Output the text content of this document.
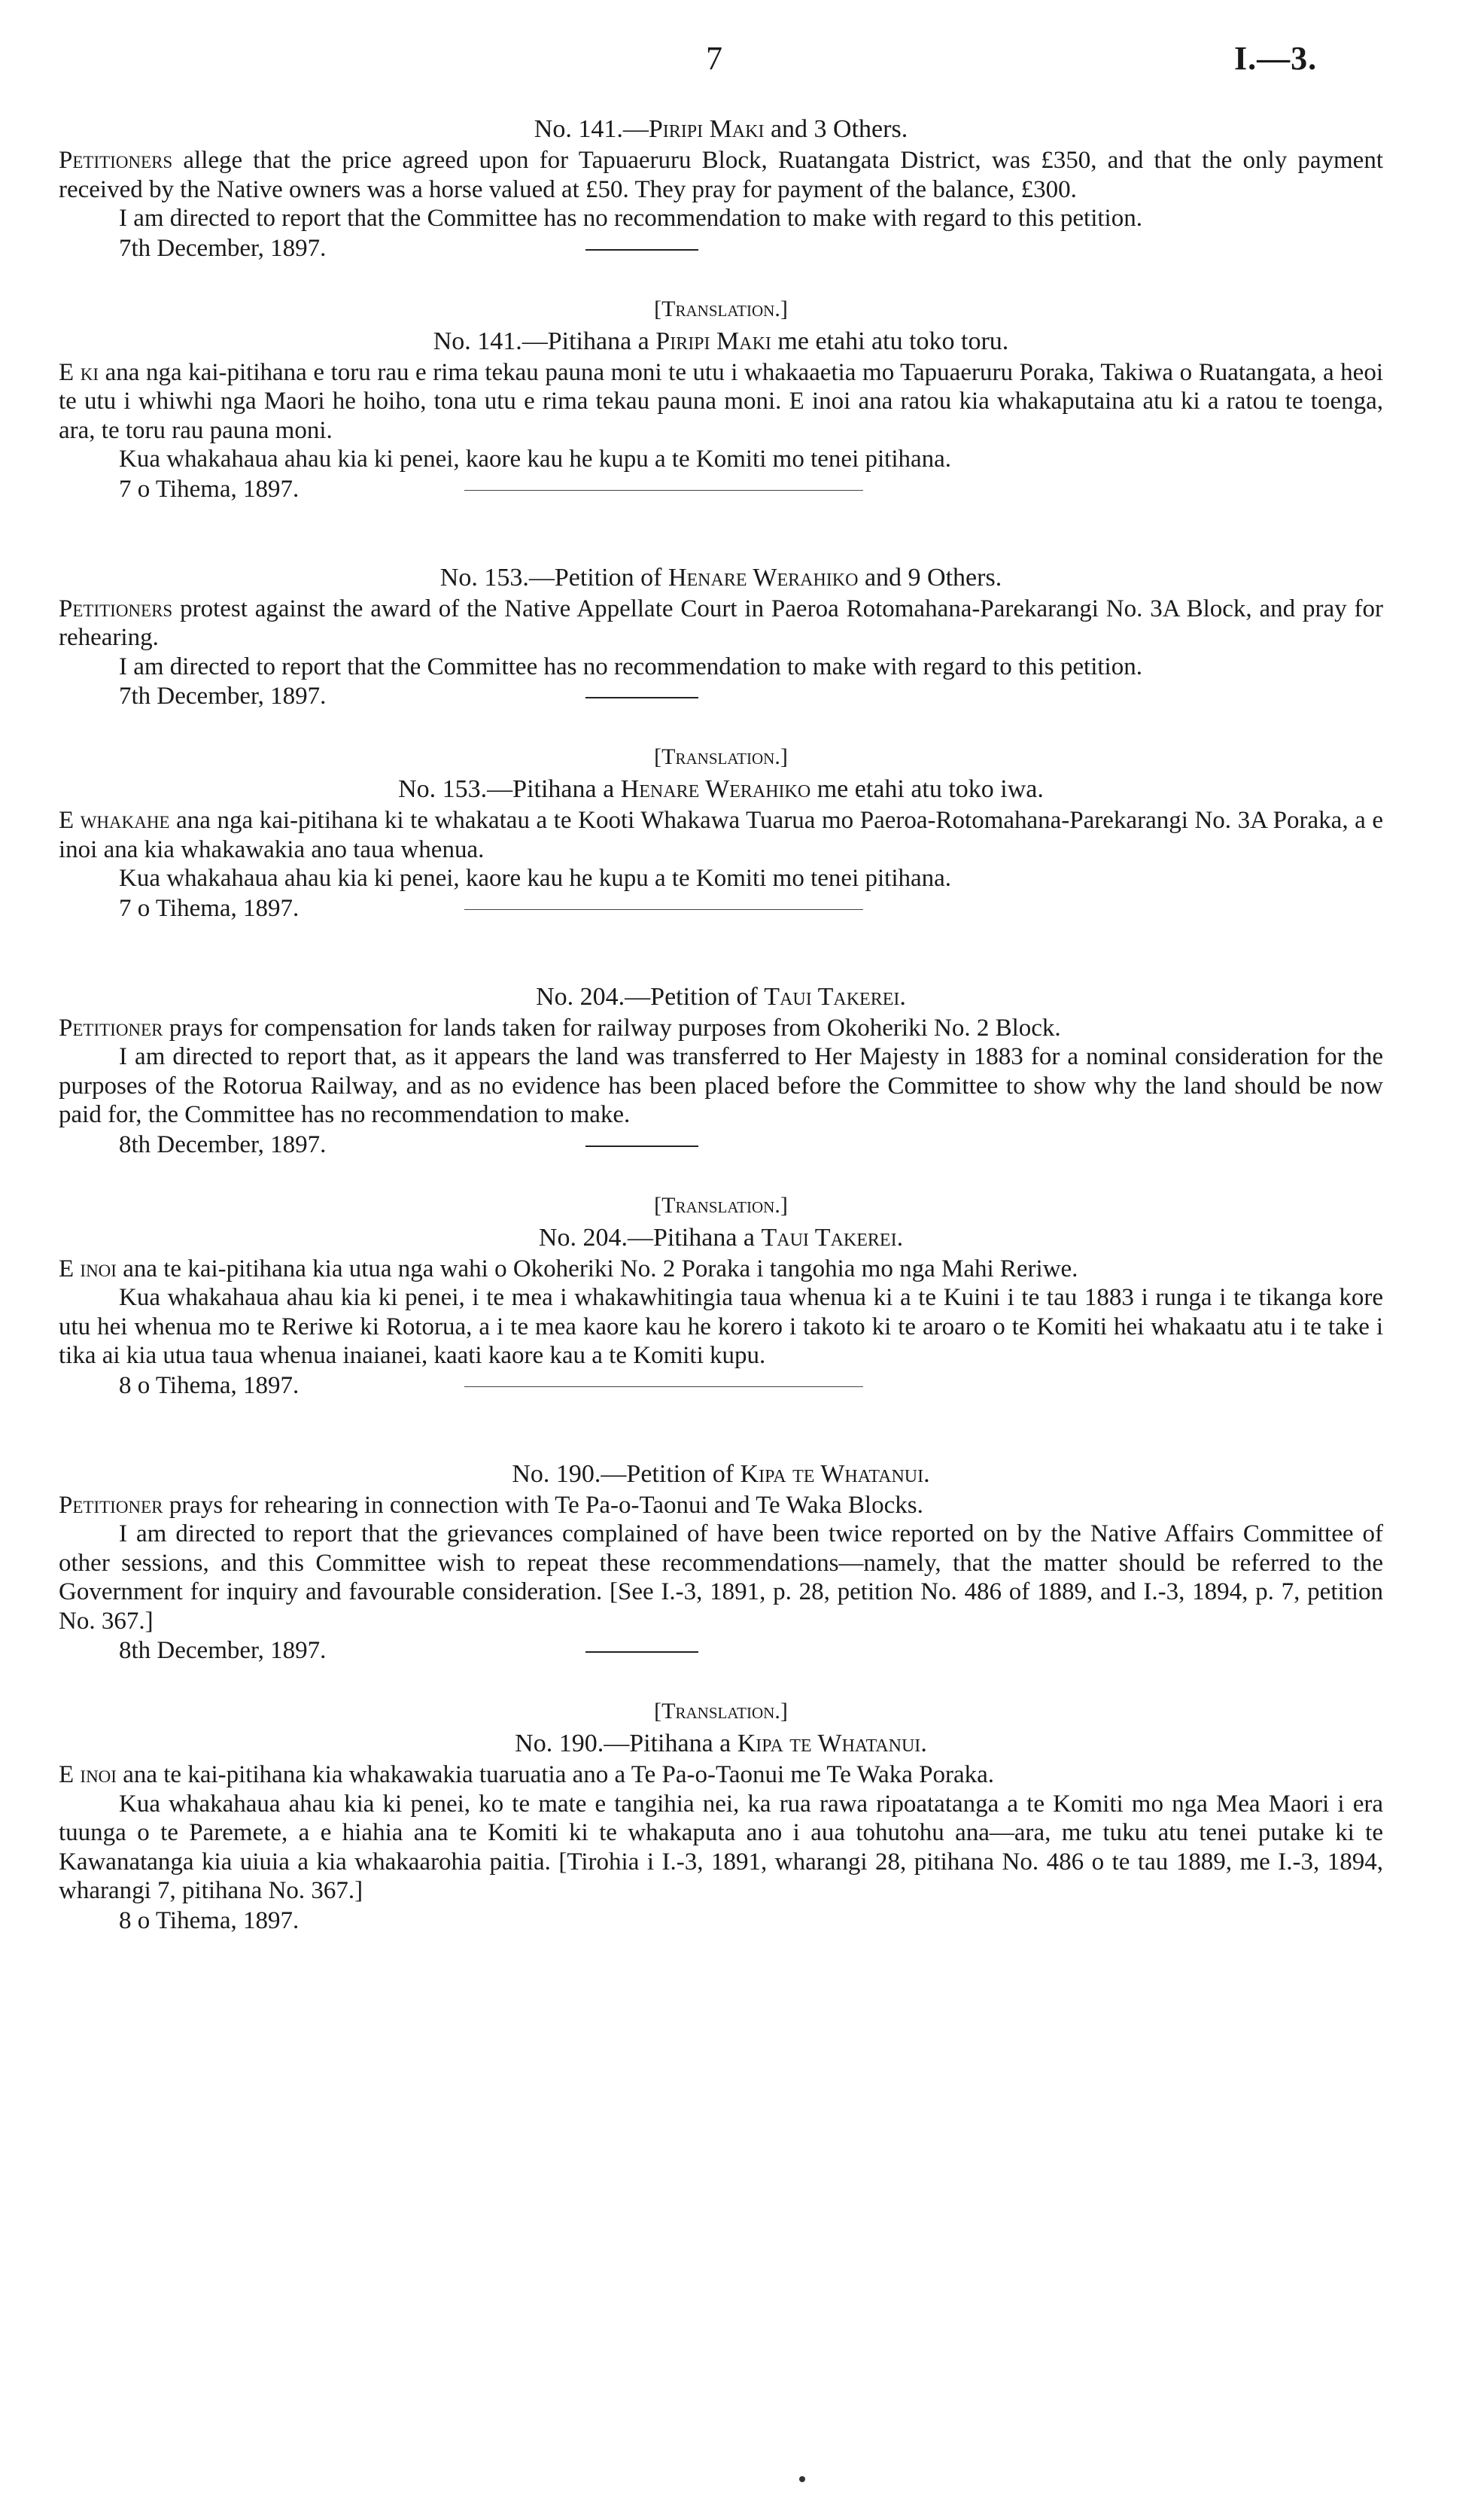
7	I.—3.
No. 141.—Piripi Maki and 3 Others.

Petitioners allege that the price agreed upon for Tapuaeruru Block, Ruatangata District, was £350, and that the only payment received by the Native owners was a horse valued at £50. They pray for payment of the balance, £300.

I am directed to report that the Committee has no recommendation to make with regard to this petition.

7th December, 1897.
[Translation.]
No. 141.—Pitihana a Piripi Maki me etahi atu toko toru.

E ki ana nga kai-pitihana e toru rau e rima tekau pauna moni te utu i whakaaetia mo Tapuaeruru Poraka, Takiwa o Ruatangata, a heoi te utu i whiwhi nga Maori he hoiho, tona utu e rima tekau pauna moni. E inoi ana ratou kia whakaputaina atu ki a ratou te toenga, ara, te toru rau pauna moni.

Kua whakahaua ahau kia ki penei, kaore kau he kupu a te Komiti mo tenei pitihana.

7 o Tihema, 1897.
No. 153.—Petition of Henare Werahiko and 9 Others.

Petitioners protest against the award of the Native Appellate Court in Paeroa Rotomahana-Parekarangi No. 3A Block, and pray for rehearing.

I am directed to report that the Committee has no recommendation to make with regard to this petition.

7th December, 1897.
[Translation.]
No. 153.—Pitihana a Henare Werahiko me etahi atu toko iwa.

E whakahe ana nga kai-pitihana ki te whakatau a te Kooti Whakawa Tuarua mo Paeroa-Rotomahana-Parekarangi No. 3A Poraka, a e inoi ana kia whakawakia ano taua whenua.

Kua whakahaua ahau kia ki penei, kaore kau he kupu a te Komiti mo tenei pitihana.

7 o Tihema, 1897.
No. 204.—Petition of Taui Takerei.

Petitioner prays for compensation for lands taken for railway purposes from Okoheriki No. 2 Block.

I am directed to report that, as it appears the land was transferred to Her Majesty in 1883 for a nominal consideration for the purposes of the Rotorua Railway, and as no evidence has been placed before the Committee to show why the land should be now paid for, the Committee has no recommendation to make.

8th December, 1897.
[Translation.]
No. 204.—Pitihana a Taui Takerei.

E inoi ana te kai-pitihana kia utua nga wahi o Okoheriki No. 2 Poraka i tangohia mo nga Mahi Reriwe.

Kua whakahaua ahau kia ki penei, i te mea i whakawhitingia taua whenua ki a te Kuini i te tau 1883 i runga i te tikanga kore utu hei whenua mo te Reriwe ki Rotorua, a i te mea kaore kau he korero i takoto ki te aroaro o te Komiti hei whakaatu atu i te take i tika ai kia utua taua whenua inaianei, kaati kaore kau a te Komiti kupu.

8 o Tihema, 1897.
No. 190.—Petition of Kipa te Whatanui.

Petitioner prays for rehearing in connection with Te Pa-o-Taonui and Te Waka Blocks.

I am directed to report that the grievances complained of have been twice reported on by the Native Affairs Committee of other sessions, and this Committee wish to repeat these recommendations—namely, that the matter should be referred to the Government for inquiry and favourable consideration. [See I.-3, 1891, p. 28, petition No. 486 of 1889, and I.-3, 1894, p. 7, petition No. 367.]

8th December, 1897.
[Translation.]
No. 190.—Pitihana a Kipa te Whatanui.

E inoi ana te kai-pitihana kia whakawakia tuaruatia ano a Te Pa-o-Taonui me Te Waka Poraka.

Kua whakahaua ahau kia ki penei, ko te mate e tangihia nei, ka rua rawa ripoatatanga a te Komiti mo nga Mea Maori i era tuunga o te Paremete, a e hiahia ana te Komiti ki te whakaputa ano i aua tohutohu ana—ara, me tuku atu tenei putake ki te Kawanatanga kia uiuia a kia whakaarohia paitia. [Tirohia i I.-3, 1891, wharangi 28, pitihana No. 486 o te tau 1889, me I.-3, 1894, wharangi 7, pitihana No. 367.]

8 o Tihema, 1897.
